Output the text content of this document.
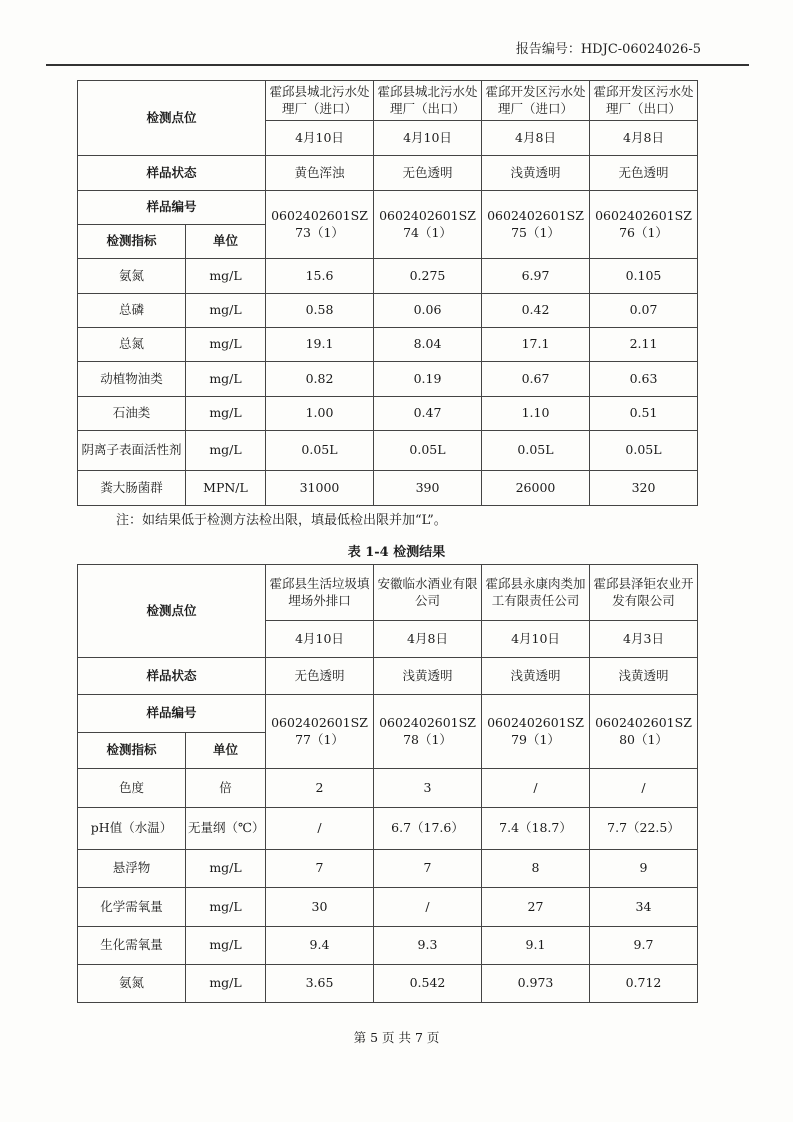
报告编号：HDJC-06024026-5
检测点位		霍邱县城北污水处理厂（进口）	霍邱县城北污水处理厂（出口）	霍邱开发区污水处理厂（进口）	霍邱开发区污水处理厂（出口）
		4月10日	4月10日	4月8日	4月8日
样品状态		黄色浑浊	无色透明	浅黄透明	无色透明
样品编号		0602402601SZ73（1）	0602402601SZ74（1）	0602402601SZ75（1）	0602402601SZ76（1）
检测指标	单位				
氨氮	mg/L	15.6	0.275	6.97	0.105
总磷	mg/L	0.58	0.06	0.42	0.07
总氮	mg/L	19.1	8.04	17.1	2.11
动植物油类	mg/L	0.82	0.19	0.67	0.63
石油类	mg/L	1.00	0.47	1.10	0.51
阴离子表面活性剂	mg/L	0.05L	0.05L	0.05L	0.05L
粪大肠菌群	MPN/L	31000	390	26000	320
注：如结果低于检测方法检出限，填最低检出限并加“L”。
表 1-4 检测结果
检测点位		霍邱县生活垃圾填埋场外排口	安徽临水酒业有限公司	霍邱县永康肉类加工有限责任公司	霍邱县泽钜农业开发有限公司
		4月10日	4月8日	4月10日	4月3日
样品状态		无色透明	浅黄透明	浅黄透明	浅黄透明
样品编号		0602402601SZ77（1）	0602402601SZ78（1）	0602402601SZ79（1）	0602402601SZ80（1）
检测指标	单位				
色度	倍	2	3	/	/
pH值（水温）	无量纲（℃）	/	6.7（17.6）	7.4（18.7）	7.7（22.5）
悬浮物	mg/L	7	7	8	9
化学需氧量	mg/L	30	/	27	34
生化需氧量	mg/L	9.4	9.3	9.1	9.7
氨氮	mg/L	3.65	0.542	0.973	0.712
第 5 页 共 7 页
